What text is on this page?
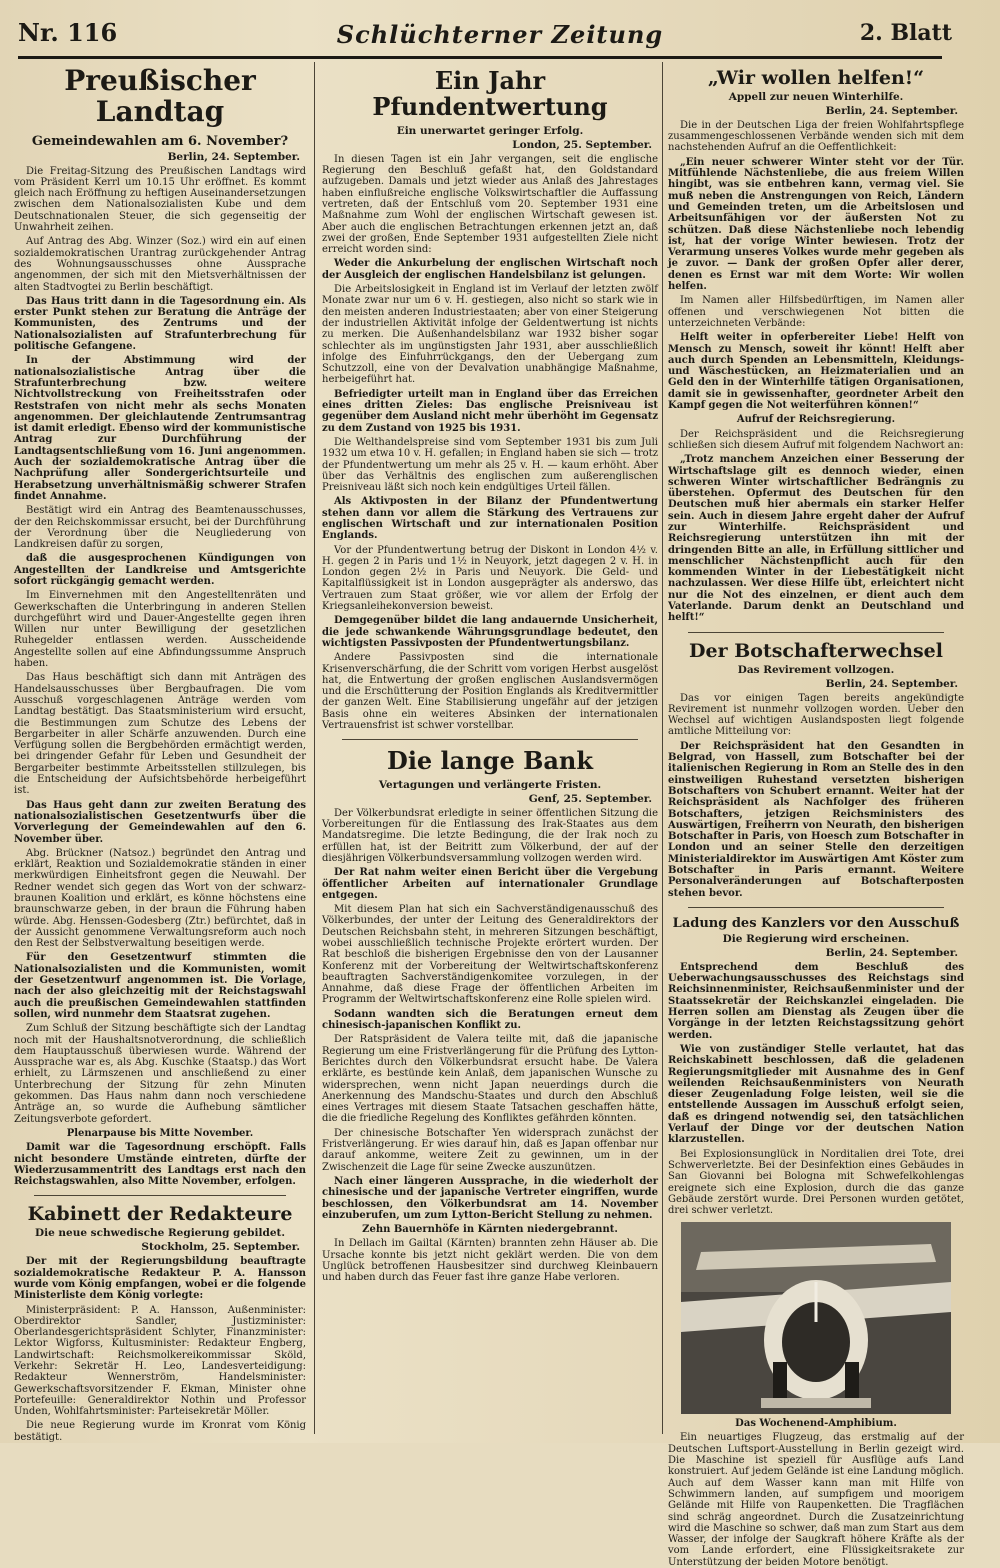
Nr. 116	Schlüchterner Zeitung	2. Blatt
Preußischer Landtag
Gemeindewahlen am 6. November?
Berlin, 24. September.

Die Freitag-Sitzung des Preußischen Landtags wird vom Präsident Kerrl um 10.15 Uhr eröffnet. Es kommt gleich nach Eröffnung zu heftigen Auseinandersetzungen zwischen dem Nationalsozialisten Kube und dem Deutschnationalen Steuer, die sich gegenseitig der Unwahrheit zeihen.

Auf Antrag des Abg. Winzer (Soz.) wird ein auf einen sozialdemokratischen Urantrag zurückgehender Antrag des Wohnungsausschusses ohne Aussprache angenommen, der sich mit den Mietsverhältnissen der alten Stadtvogtei zu Berlin beschäftigt.

Das Haus tritt dann in die Tagesordnung ein. Als erster Punkt stehen zur Beratung die Anträge der Kommunisten, des Zentrums und der Nationalsozialisten auf Strafunterbrechung für politische Gefangene.

In der Abstimmung wird der nationalsozialistische Antrag über die Strafunterbrechung bzw. weitere Nichtvollstreckung von Freiheitsstrafen oder Reststrafen von nicht mehr als sechs Monaten angenommen. Der gleichlautende Zentrumsantrag ist damit erledigt. Ebenso wird der kommunistische Antrag zur Durchführung der Landtagsentschließung vom 16. Juni angenommen. Auch der sozialdemokratische Antrag über die Nachprüfung aller Sondergerichtsurteile und Herabsetzung unverhältnismäßig schwerer Strafen findet Annahme.

Bestätigt wird ein Antrag des Beamtenausschusses, der den Reichskommissar ersucht, bei der Durchführung der Verordnung über die Neugliederung von Landkreisen dafür zu sorgen,

daß die ausgesprochenen Kündigungen von Angestellten der Landkreise und Amtsgerichte sofort rückgängig gemacht werden.

Im Einvernehmen mit den Angestelltenräten und Gewerkschaften die Unterbringung in anderen Stellen durchgeführt wird und Dauer-Angestellte gegen ihren Willen nur unter Bewilligung der gesetzlichen Ruhegelder entlassen werden. Ausscheidende Angestellte sollen auf eine Abfindungssumme Anspruch haben.

Das Haus beschäftigt sich dann mit Anträgen des Handelsausschusses über Bergbaufragen. Die vom Ausschuß vorgeschlagenen Anträge werden vom Landtag bestätigt. Das Staatsministerium wird ersucht, die Bestimmungen zum Schutze des Lebens der Bergarbeiter in aller Schärfe anzuwenden. Durch eine Verfügung sollen die Bergbehörden ermächtigt werden, bei dringender Gefahr für Leben und Gesundheit der Bergarbeiter bestimmte Arbeitsstellen stillzulegen, bis die Entscheidung der Aufsichtsbehörde herbeigeführt ist.

Das Haus geht dann zur zweiten Beratung des nationalsozialistischen Gesetzentwurfs über die Vorverlegung der Gemeindewahlen auf den 6. November über.

Abg. Brückner (Natsoz.) begründet den Antrag und erklärt, Reaktion und Sozialdemokratie ständen in einer merkwürdigen Einheitsfront gegen die Neuwahl. Der Redner wendet sich gegen das Wort von der schwarz-braunen Koalition und erklärt, es könne höchstens eine braunschwarze geben, in der braun die Führung haben würde. Abg. Henssen-Godesberg (Ztr.) befürchtet, daß in der Aussicht genommene Verwaltungsreform auch noch den Rest der Selbstverwaltung beseitigen werde.

Für den Gesetzentwurf stimmten die Nationalsozialisten und die Kommunisten, womit der Gesetzentwurf angenommen ist. Die Vorlage, nach der also gleichzeitig mit der Reichstagswahl auch die preußischen Gemeindewahlen stattfinden sollen, wird nunmehr dem Staatsrat zugehen.

Zum Schluß der Sitzung beschäftigte sich der Landtag noch mit der Haushaltsnotverordnung, die schließlich dem Hauptausschuß überwiesen wurde. Während der Aussprache war es, als Abg. Kuschke (Staatsp.) das Wort erhielt, zu Lärmszenen und anschließend zu einer Unterbrechung der Sitzung für zehn Minuten gekommen. Das Haus nahm dann noch verschiedene Anträge an, so wurde die Aufhebung sämtlicher Zeitungsverbote gefordert.

Plenarpause bis Mitte November.

Damit war die Tagesordnung erschöpft. Falls nicht besondere Umstände eintreten, dürfte der Wiederzusammentritt des Landtags erst nach den Reichstagswahlen, also Mitte November, erfolgen.

Kabinett der Redakteure
Die neue schwedische Regierung gebildet.
Stockholm, 25. September.

Der mit der Regierungsbildung beauftragte sozialdemokratische Redakteur P. A. Hansson wurde vom König empfangen, wobei er die folgende Ministerliste dem König vorlegte:

Ministerpräsident: P. A. Hansson, Außenminister: Oberdirektor Sandler, Justizminister: Oberlandesgerichtspräsident Schlyter, Finanzminister: Lektor Wigforss, Kultusminister: Redakteur Engberg, Landwirtschaft: Reichsmolkereikommissar Sköld, Verkehr: Sekretär H. Leo, Landesverteidigung: Redakteur Wennerström, Handelsminister: Gewerkschaftsvorsitzender F. Ekman, Minister ohne Portefeuille: Generaldirektor Nothin und Professor Unden, Wohlfahrtsminister: Parteisekretär Möller.

Die neue Regierung wurde im Kronrat vom König bestätigt.

Ein Jahr Pfundentwertung
Ein unerwartet geringer Erfolg.
London, 25. September.

In diesen Tagen ist ein Jahr vergangen, seit die englische Regierung den Beschluß gefaßt hat, den Goldstandard aufzugeben. Damals und jetzt wieder aus Anlaß des Jahrestages haben einflußreiche englische Volkswirtschaftler die Auffassung vertreten, daß der Entschluß vom 20. September 1931 eine Maßnahme zum Wohl der englischen Wirtschaft gewesen ist. Aber auch die englischen Betrachtungen erkennen jetzt an, daß zwei der großen, Ende September 1931 aufgestellten Ziele nicht erreicht worden sind:

Weder die Ankurbelung der englischen Wirtschaft noch der Ausgleich der englischen Handelsbilanz ist gelungen.

Die Arbeitslosigkeit in England ist im Verlauf der letzten zwölf Monate zwar nur um 6 v. H. gestiegen, also nicht so stark wie in den meisten anderen Industriestaaten; aber von einer Steigerung der industriellen Aktivität infolge der Geldentwertung ist nichts zu merken. Die Außenhandelsbilanz war 1932 bisher sogar schlechter als im ungünstigsten Jahr 1931, aber ausschließlich infolge des Einfuhrrückgangs, den der Uebergang zum Schutzzoll, eine von der Devalvation unabhängige Maßnahme, herbeigeführt hat.

Befriedigter urteilt man in England über das Erreichen eines dritten Zieles: Das englische Preisniveau ist gegenüber dem Ausland nicht mehr überhöht im Gegensatz zu dem Zustand von 1925 bis 1931.

Die Welthandelspreise sind vom September 1931 bis zum Juli 1932 um etwa 10 v. H. gefallen; in England haben sie sich — trotz der Pfundentwertung um mehr als 25 v. H. — kaum erhöht. Aber über das Verhältnis des englischen zum außerenglischen Preisniveau läßt sich noch kein endgültiges Urteil fällen.

Als Aktivposten in der Bilanz der Pfundentwertung stehen dann vor allem die Stärkung des Vertrauens zur englischen Wirtschaft und zur internationalen Position Englands.

Vor der Pfundentwertung betrug der Diskont in London 4½ v. H. gegen 2 in Paris und 1½ in Neuyork, jetzt dagegen 2 v. H. in London gegen 2½ in Paris und Neuyork. Die Geld- und Kapitalflüssigkeit ist in London ausgeprägter als anderswo, das Vertrauen zum Staat größer, wie vor allem der Erfolg der Kriegsanleihekonversion beweist.

Demgegenüber bildet die lang andauernde Unsicherheit, die jede schwankende Währungsgrundlage bedeutet, den wichtigsten Passivposten der Pfundentwertungsbilanz.

Andere Passivposten sind die internationale Krisenverschärfung, die der Schritt vom vorigen Herbst ausgelöst hat, die Entwertung der großen englischen Auslandsvermögen und die Erschütterung der Position Englands als Kreditvermittler der ganzen Welt. Eine Stabilisierung ungefähr auf der jetzigen Basis ohne ein weiteres Absinken der internationalen Vertrauensfrist ist schwer vorstellbar.

Die lange Bank
Vertagungen und verlängerte Fristen.
Genf, 25. September.

Der Völkerbundsrat erledigte in seiner öffentlichen Sitzung die Vorbereitungen für die Entlassung des Irak-Staates aus dem Mandatsregime. Die letzte Bedingung, die der Irak noch zu erfüllen hat, ist der Beitritt zum Völkerbund, der auf der diesjährigen Völkerbundsversammlung vollzogen werden wird.

Der Rat nahm weiter einen Bericht über die Vergebung öffentlicher Arbeiten auf internationaler Grundlage entgegen.

Mit diesem Plan hat sich ein Sachverständigenausschuß des Völkerbundes, der unter der Leitung des Generaldirektors der Deutschen Reichsbahn steht, in mehreren Sitzungen beschäftigt, wobei ausschließlich technische Projekte erörtert wurden. Der Rat beschloß die bisherigen Ergebnisse den von der Lausanner Konferenz mit der Vorbereitung der Weltwirtschaftskonferenz beauftragten Sachverständigenkomitee vorzulegen, in der Annahme, daß diese Frage der öffentlichen Arbeiten im Programm der Weltwirtschaftskonferenz eine Rolle spielen wird.

Sodann wandten sich die Beratungen erneut dem chinesisch-japanischen Konflikt zu.

Der Ratspräsident de Valera teilte mit, daß die japanische Regierung um eine Fristverlängerung für die Prüfung des Lytton-Berichtes durch den Völkerbundsrat ersucht habe. De Valera erklärte, es bestünde kein Anlaß, dem japanischen Wunsche zu widersprechen, wenn nicht Japan neuerdings durch die Anerkennung des Mandschu-Staates und durch den Abschluß eines Vertrages mit diesem Staate Tatsachen geschaffen hätte, die die friedliche Regelung des Konfliktes gefährden könnten.

Der chinesische Botschafter Yen widersprach zunächst der Fristverlängerung. Er wies darauf hin, daß es Japan offenbar nur darauf ankomme, weitere Zeit zu gewinnen, um in der Zwischenzeit die Lage für seine Zwecke auszunützen.

Nach einer längeren Aussprache, in die wiederholt der chinesische und der japanische Vertreter eingriffen, wurde beschlossen, den Völkerbundsrat am 14. November einzuberufen, um zum Lytton-Bericht Stellung zu nehmen.

Zehn Bauernhöfe in Kärnten niedergebrannt.

In Dellach im Gailtal (Kärnten) brannten zehn Häuser ab. Die Ursache konnte bis jetzt nicht geklärt werden. Die von dem Unglück betroffenen Hausbesitzer sind durchweg Kleinbauern und haben durch das Feuer fast ihre ganze Habe verloren.

„Wir wollen helfen!“
Appell zur neuen Winterhilfe.
Berlin, 24. September.

Die in der Deutschen Liga der freien Wohlfahrtspflege zusammengeschlossenen Verbände wenden sich mit dem nachstehenden Aufruf an die Oeffentlichkeit:

„Ein neuer schwerer Winter steht vor der Tür. Mitfühlende Nächstenliebe, die aus freiem Willen hingibt, was sie entbehren kann, vermag viel. Sie muß neben die Anstrengungen von Reich, Ländern und Gemeinden treten, um die Arbeitslosen und Arbeitsunfähigen vor der äußersten Not zu schützen. Daß diese Nächstenliebe noch lebendig ist, hat der vorige Winter bewiesen. Trotz der Verarmung unseres Volkes wurde mehr gegeben als je zuvor. — Dank der großen Opfer aller derer, denen es Ernst war mit dem Worte: Wir wollen helfen.

Im Namen aller Hilfsbedürftigen, im Namen aller offenen und verschwiegenen Not bitten die unterzeichneten Verbände:

Helft weiter in opferbereiter Liebe! Helft von Mensch zu Mensch, soweit ihr könnt! Helft aber auch durch Spenden an Lebensmitteln, Kleidungs- und Wäschestücken, an Heizmaterialien und an Geld den in der Winterhilfe tätigen Organisationen, damit sie in gewissenhafter, geordneter Arbeit den Kampf gegen die Not weiterführen können!“

Aufruf der Reichsregierung.

Der Reichspräsident und die Reichsregierung schließen sich diesem Aufruf mit folgendem Nachwort an:

„Trotz manchem Anzeichen einer Besserung der Wirtschaftslage gilt es dennoch wieder, einen schweren Winter wirtschaftlicher Bedrängnis zu überstehen. Opfermut des Deutschen für den Deutschen muß hier abermals ein starker Helfer sein. Auch in diesem Jahre ergeht daher der Aufruf zur Winterhilfe. Reichspräsident und Reichsregierung unterstützen ihn mit der dringenden Bitte an alle, in Erfüllung sittlicher und menschlicher Nächstenpflicht auch für den kommenden Winter in der Liebestätigkeit nicht nachzulassen. Wer diese Hilfe übt, erleichtert nicht nur die Not des einzelnen, er dient auch dem Vaterlande. Darum denkt an Deutschland und helft!“

Der Botschafterwechsel
Das Revirement vollzogen.
Berlin, 24. September.

Das vor einigen Tagen bereits angekündigte Revirement ist nunmehr vollzogen worden. Ueber den Wechsel auf wichtigen Auslandsposten liegt folgende amtliche Mitteilung vor:

Der Reichspräsident hat den Gesandten in Belgrad, von Hassell, zum Botschafter bei der italienischen Regierung in Rom an Stelle des in den einstweiligen Ruhestand versetzten bisherigen Botschafters von Schubert ernannt. Weiter hat der Reichspräsident als Nachfolger des früheren Botschafters, jetzigen Reichsministers des Auswärtigen, Freiherrn von Neurath, den bisherigen Botschafter in Paris, von Hoesch zum Botschafter in London und an seiner Stelle den derzeitigen Ministerialdirektor im Auswärtigen Amt Köster zum Botschafter in Paris ernannt. Weitere Personalveränderungen auf Botschafterposten stehen bevor.

Ladung des Kanzlers vor den Ausschuß
Die Regierung wird erscheinen.
Berlin, 24. September.

Entsprechend dem Beschluß des Ueberwachungsausschusses des Reichstags sind Reichsinnenminister, Reichsaußenminister und der Staatssekretär der Reichskanzlei eingeladen. Die Herren sollen am Dienstag als Zeugen über die Vorgänge in der letzten Reichstagssitzung gehört werden.

Wie von zuständiger Stelle verlautet, hat das Reichskabinett beschlossen, daß die geladenen Regierungsmitglieder mit Ausnahme des in Genf weilenden Reichsaußenministers von Neurath dieser Zeugenladung Folge leisten, weil sie die entstellende Aussagen im Ausschuß erfolgt seien, daß es dringend notwendig sei, den tatsächlichen Verlauf der Dinge vor der deutschen Nation klarzustellen.

Bei Explosionsunglück in Norditalien drei Tote, drei Schwerverletzte. Bei der Desinfektion eines Gebäudes in San Giovanni bei Bologna mit Schwefelkohlengas ereignete sich eine Explosion, durch die das ganze Gebäude zerstört wurde. Drei Personen wurden getötet, drei schwer verletzt.

Das Wochenend-Amphibium.

Ein neuartiges Flugzeug, das erstmalig auf der Deutschen Luftsport-Ausstellung in Berlin gezeigt wird. Die Maschine ist speziell für Ausflüge aufs Land konstruiert. Auf jedem Gelände ist eine Landung möglich. Auch auf dem Wasser kann man mit Hilfe von Schwimmern landen, auf sumpfigem und moorigem Gelände mit Hilfe von Raupenketten. Die Tragflächen sind schräg angeordnet. Durch die Zusatzeinrichtung wird die Maschine so schwer, daß man zum Start aus dem Wasser, der infolge der Saugkraft höhere Kräfte als der vom Lande erfordert, eine Flüssigkeitsrakete zur Unterstützung der beiden Motore benötigt.
